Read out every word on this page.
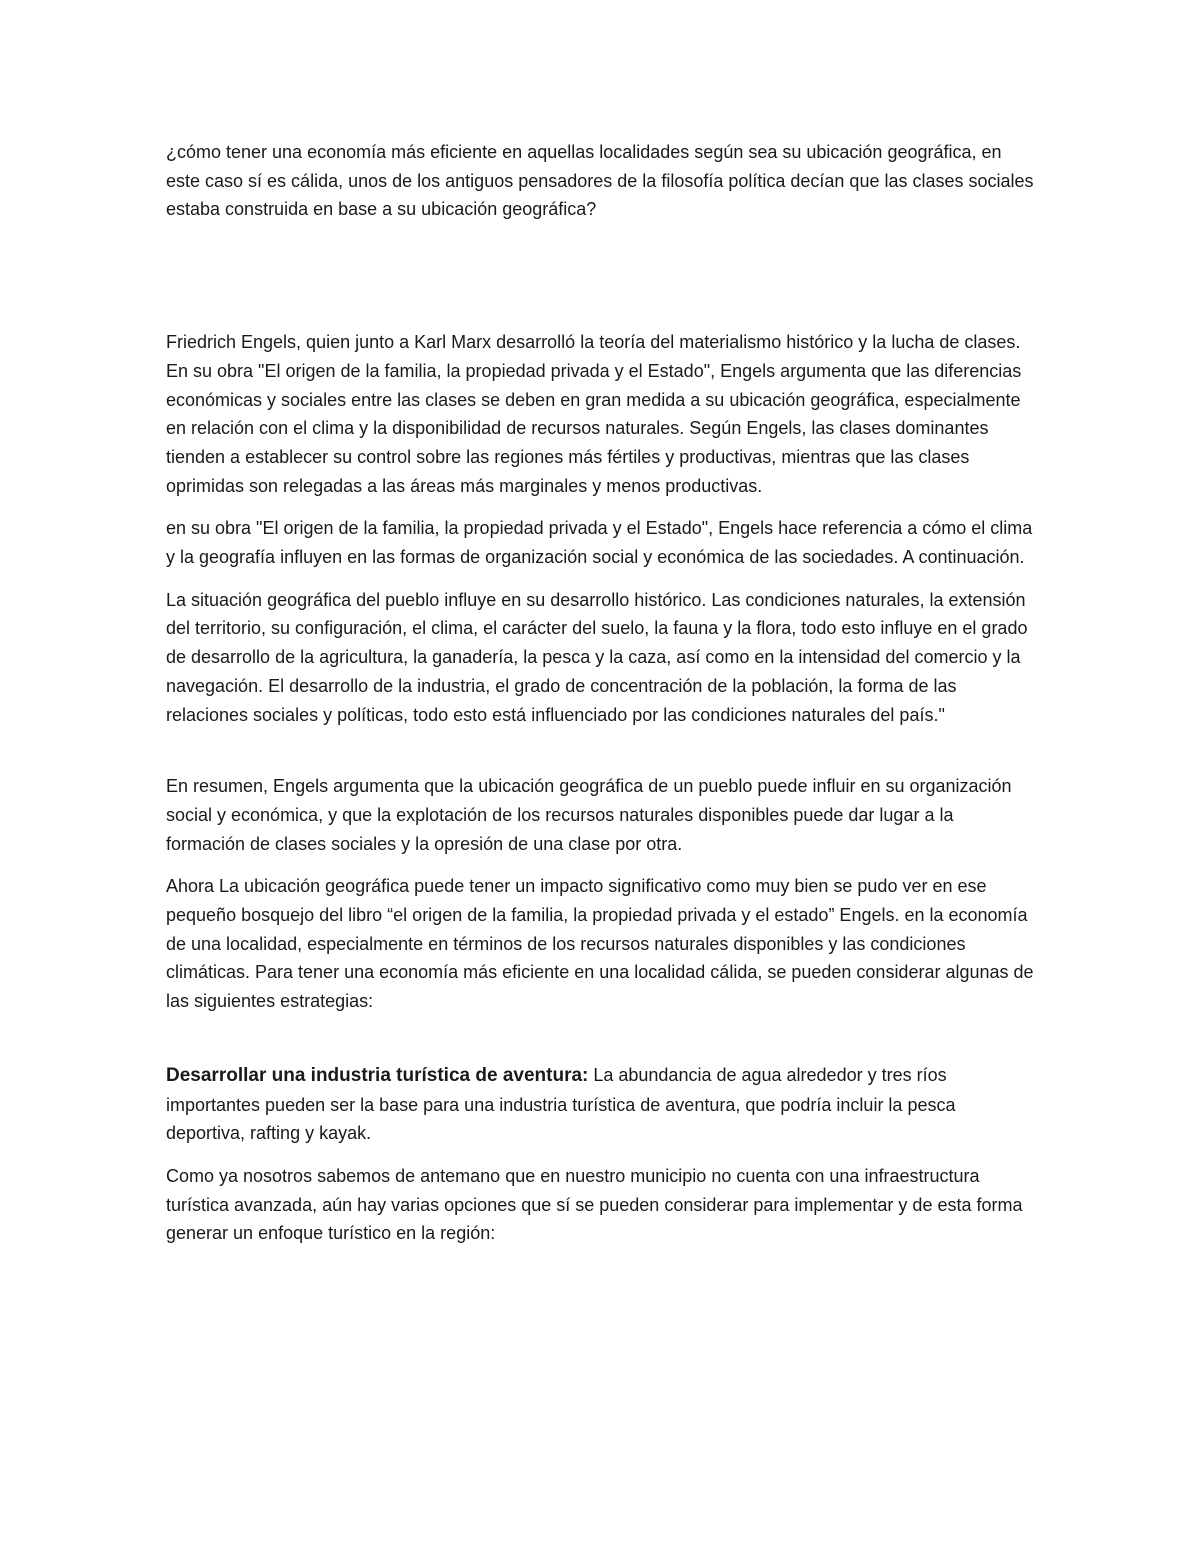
¿cómo tener una economía más eficiente en aquellas localidades según sea su ubicación geográfica, en este caso sí es cálida, unos de los antiguos pensadores de la filosofía política decían que las clases sociales estaba construida en base a su ubicación geográfica?

Friedrich Engels, quien junto a Karl Marx desarrolló la teoría del materialismo histórico y la lucha de clases. En su obra "El origen de la familia, la propiedad privada y el Estado", Engels argumenta que las diferencias económicas y sociales entre las clases se deben en gran medida a su ubicación geográfica, especialmente en relación con el clima y la disponibilidad de recursos naturales. Según Engels, las clases dominantes tienden a establecer su control sobre las regiones más fértiles y productivas, mientras que las clases oprimidas son relegadas a las áreas más marginales y menos productivas.

en su obra "El origen de la familia, la propiedad privada y el Estado", Engels hace referencia a cómo el clima y la geografía influyen en las formas de organización social y económica de las sociedades. A continuación.

La situación geográfica del pueblo influye en su desarrollo histórico. Las condiciones naturales, la extensión del territorio, su configuración, el clima, el carácter del suelo, la fauna y la flora, todo esto influye en el grado de desarrollo de la agricultura, la ganadería, la pesca y la caza, así como en la intensidad del comercio y la navegación. El desarrollo de la industria, el grado de concentración de la población, la forma de las relaciones sociales y políticas, todo esto está influenciado por las condiciones naturales del país."

En resumen, Engels argumenta que la ubicación geográfica de un pueblo puede influir en su organización social y económica, y que la explotación de los recursos naturales disponibles puede dar lugar a la formación de clases sociales y la opresión de una clase por otra.

Ahora La ubicación geográfica puede tener un impacto significativo como muy bien se pudo ver en ese pequeño bosquejo del libro “el origen de la familia, la propiedad privada y el estado” Engels. en la economía de una localidad, especialmente en términos de los recursos naturales disponibles y las condiciones climáticas. Para tener una economía más eficiente en una localidad cálida, se pueden considerar algunas de las siguientes estrategias:

Desarrollar una industria turística de aventura: La abundancia de agua alrededor y tres ríos importantes pueden ser la base para una industria turística de aventura, que podría incluir la pesca deportiva, rafting y kayak.

Como ya nosotros sabemos de antemano que en nuestro municipio no cuenta con una infraestructura turística avanzada, aún hay varias opciones que sí se pueden considerar para implementar y de esta forma generar un enfoque turístico en la región:
